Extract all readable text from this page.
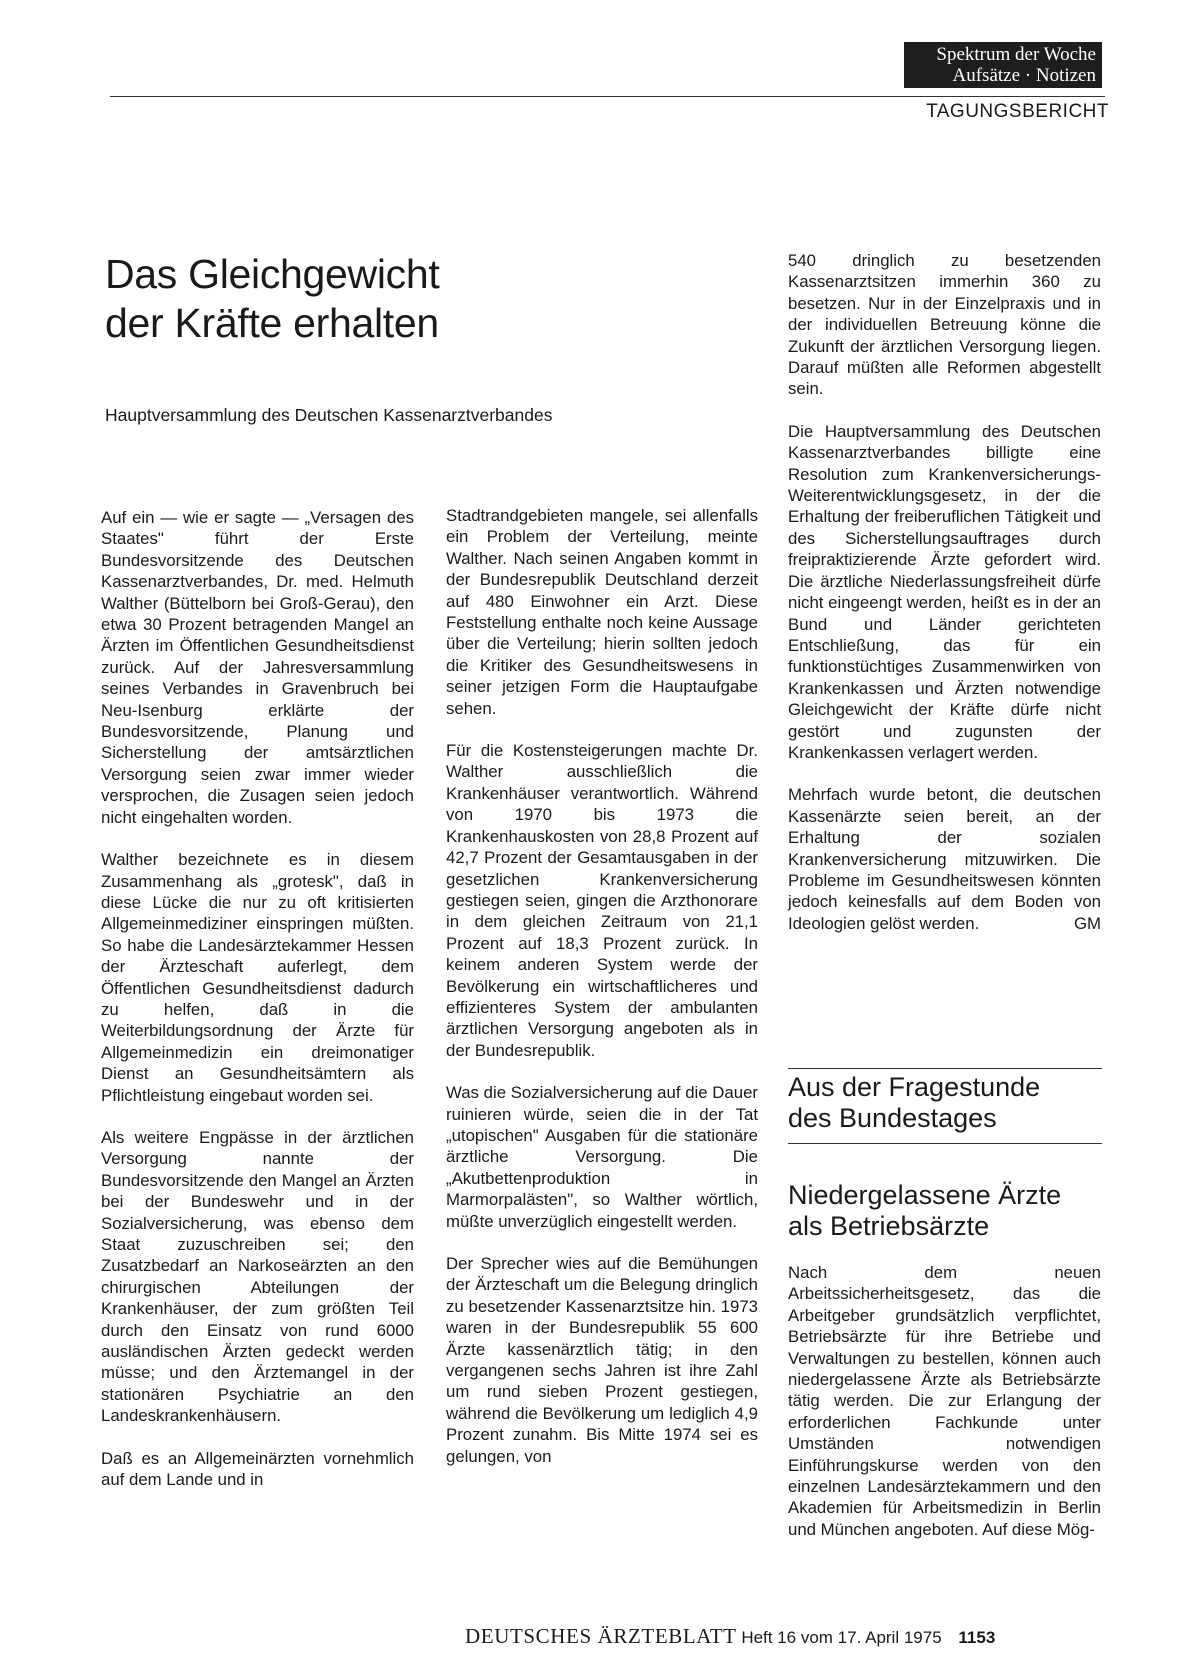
Spektrum der Woche
Aufsätze · Notizen
TAGUNGSBERICHT
Das Gleichgewicht
der Kräfte erhalten
Hauptversammlung des Deutschen Kassenarztverbandes

Auf ein — wie er sagte — „Versagen des Staates" führt der Erste Bundesvorsitzende des Deutschen Kassenarztverbandes, Dr. med. Helmuth Walther (Büttelborn bei Groß-Gerau), den etwa 30 Prozent betragenden Mangel an Ärzten im Öffentlichen Gesundheitsdienst zurück. Auf der Jahresversammlung seines Verbandes in Gravenbruch bei Neu-Isenburg erklärte der Bundesvorsitzende, Planung und Sicherstellung der amtsärztlichen Versorgung seien zwar immer wieder versprochen, die Zusagen seien jedoch nicht eingehalten worden.

Walther bezeichnete es in diesem Zusammenhang als „grotesk", daß in diese Lücke die nur zu oft kritisierten Allgemeinmediziner einspringen müßten. So habe die Landesärztekammer Hessen der Ärzteschaft auferlegt, dem Öffentlichen Gesundheitsdienst dadurch zu helfen, daß in die Weiterbildungsordnung der Ärzte für Allgemeinmedizin ein dreimonatiger Dienst an Gesundheitsämtern als Pflichtleistung eingebaut worden sei.

Als weitere Engpässe in der ärztlichen Versorgung nannte der Bundesvorsitzende den Mangel an Ärzten bei der Bundeswehr und in der Sozialversicherung, was ebenso dem Staat zuzuschreiben sei; den Zusatzbedarf an Narkoseärzten an den chirurgischen Abteilungen der Krankenhäuser, der zum größten Teil durch den Einsatz von rund 6000 ausländischen Ärzten gedeckt werden müsse; und den Ärztemangel in der stationären Psychiatrie an den Landeskrankenhäusern.

Daß es an Allgemeinärzten vornehmlich auf dem Lande und in

Stadtrandgebieten mangele, sei allenfalls ein Problem der Verteilung, meinte Walther. Nach seinen Angaben kommt in der Bundesrepublik Deutschland derzeit auf 480 Einwohner ein Arzt. Diese Feststellung enthalte noch keine Aussage über die Verteilung; hierin sollten jedoch die Kritiker des Gesundheitswesens in seiner jetzigen Form die Hauptaufgabe sehen.

Für die Kostensteigerungen machte Dr. Walther ausschließlich die Krankenhäuser verantwortlich. Während von 1970 bis 1973 die Krankenhauskosten von 28,8 Prozent auf 42,7 Prozent der Gesamtausgaben in der gesetzlichen Krankenversicherung gestiegen seien, gingen die Arzthonorare in dem gleichen Zeitraum von 21,1 Prozent auf 18,3 Prozent zurück. In keinem anderen System werde der Bevölkerung ein wirtschaftlicheres und effizienteres System der ambulanten ärztlichen Versorgung angeboten als in der Bundesrepublik.

Was die Sozialversicherung auf die Dauer ruinieren würde, seien die in der Tat „utopischen" Ausgaben für die stationäre ärztliche Versorgung. Die „Akutbettenproduktion in Marmorpalästen", so Walther wörtlich, müßte unverzüglich eingestellt werden.

Der Sprecher wies auf die Bemühungen der Ärzteschaft um die Belegung dringlich zu besetzender Kassenarztsitze hin. 1973 waren in der Bundesrepublik 55 600 Ärzte kassenärztlich tätig; in den vergangenen sechs Jahren ist ihre Zahl um rund sieben Prozent gestiegen, während die Bevölkerung um lediglich 4,9 Prozent zunahm. Bis Mitte 1974 sei es gelungen, von

540 dringlich zu besetzenden Kassenarztsitzen immerhin 360 zu besetzen. Nur in der Einzelpraxis und in der individuellen Betreuung könne die Zukunft der ärztlichen Versorgung liegen. Darauf müßten alle Reformen abgestellt sein.

Die Hauptversammlung des Deutschen Kassenarztverbandes billigte eine Resolution zum Krankenversicherungs-Weiterentwicklungsgesetz, in der die Erhaltung der freiberuflichen Tätigkeit und des Sicherstellungsauftrages durch freipraktizierende Ärzte gefordert wird. Die ärztliche Niederlassungsfreiheit dürfe nicht eingeengt werden, heißt es in der an Bund und Länder gerichteten Entschließung, das für ein funktionstüchtiges Zusammenwirken von Krankenkassen und Ärzten notwendige Gleichgewicht der Kräfte dürfe nicht gestört und zugunsten der Krankenkassen verlagert werden.

Mehrfach wurde betont, die deutschen Kassenärzte seien bereit, an der Erhaltung der sozialen Krankenversicherung mitzuwirken. Die Probleme im Gesundheitswesen könnten jedoch keinesfalls auf dem Boden von Ideologien gelöst werden.	GM

Aus der Fragestunde
des Bundestages
Niedergelassene Ärzte
als Betriebsärzte

Nach dem neuen Arbeitssicherheitsgesetz, das die Arbeitgeber grundsätzlich verpflichtet, Betriebsärzte für ihre Betriebe und Verwaltungen zu bestellen, können auch niedergelassene Ärzte als Betriebsärzte tätig werden. Die zur Erlangung der erforderlichen Fachkunde unter Umständen notwendigen Einführungskurse werden von den einzelnen Landesärztekammern und den Akademien für Arbeitsmedizin in Berlin und München angeboten. Auf diese Mög-

DEUTSCHES ÄRZTEBLATT Heft 16 vom 17. April 1975 1153
